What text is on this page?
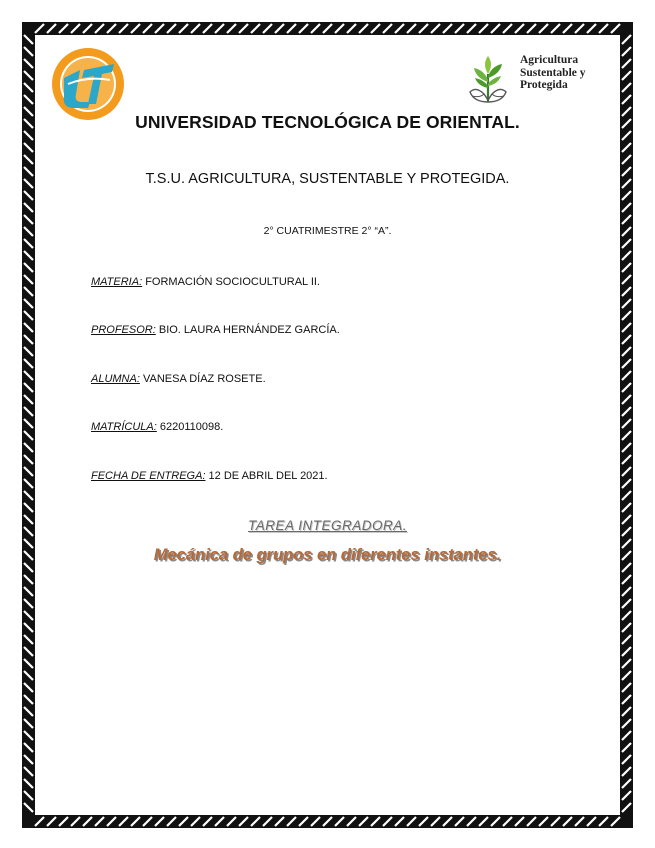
Agricultura
Sustentable y
Protegida
UNIVERSIDAD TECNOLÓGICA DE ORIENTAL.
T.S.U. AGRICULTURA, SUSTENTABLE Y PROTEGIDA.
2° CUATRIMESTRE 2° “A”.
MATERIA: FORMACIÓN SOCIOCULTURAL II.
PROFESOR: BIO. LAURA HERNÁNDEZ GARCÍA.
ALUMNA: VANESA DÍAZ ROSETE.
MATRÍCULA: 6220110098.
FECHA DE ENTREGA: 12 DE ABRIL DEL 2021.
TAREA INTEGRADORA.
Mecánica de grupos en diferentes instantes.
